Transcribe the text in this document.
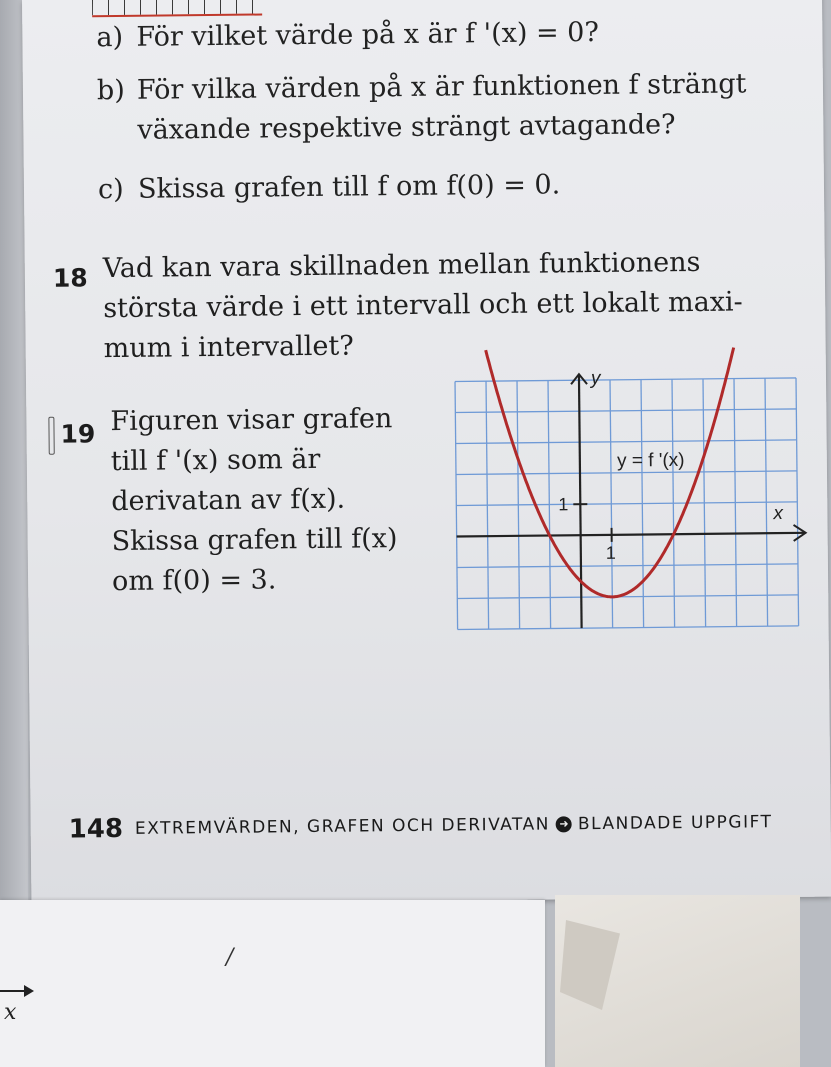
a) För vilket värde på x är f '(x) = 0?
b) För vilka värden på x är funktionen f strängt
växande respektive strängt avtagande?
c) Skissa grafen till f om f(0) = 0.
18 Vad kan vara skillnaden mellan funktionens
största värde i ett intervall och ett lokalt maxi-
mum i intervallet?
19 Figuren visar grafen
till f '(x) som är
derivatan av f(x).
Skissa grafen till f(x)
om f(0) = 3.
y
x
y = f '(x)
1
1
148 EXTREMVÄRDEN, GRAFEN OCH DERIVATAN ➜ BLANDADE UPPGIFT
x
/
